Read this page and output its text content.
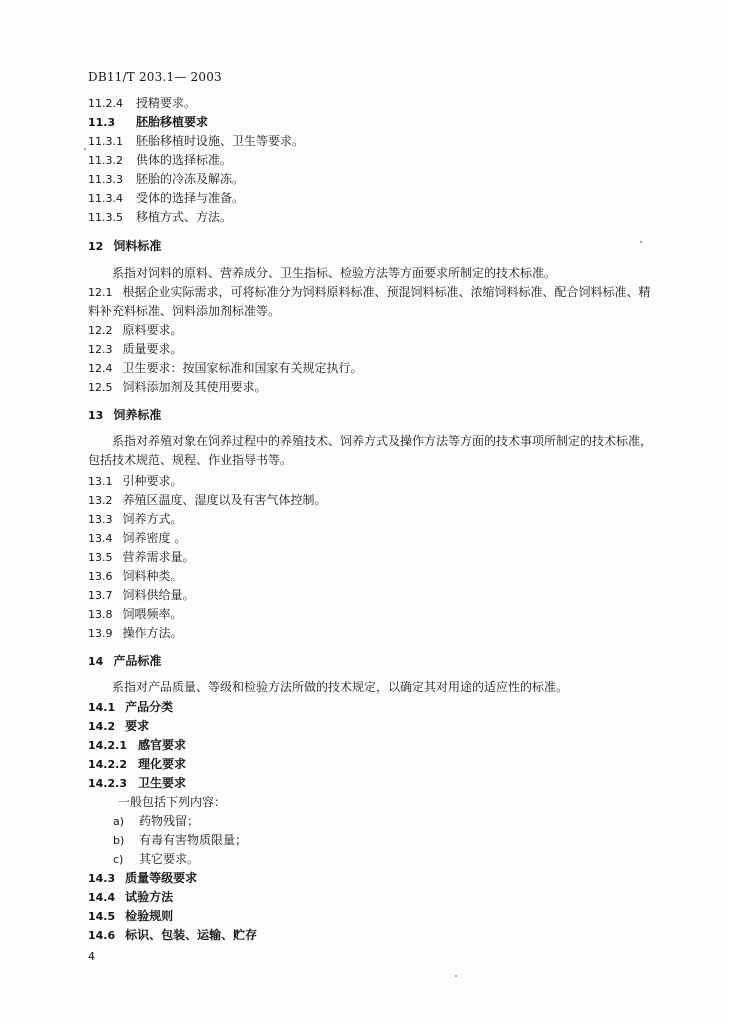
DB11/T 203.1— 2003
11.2.4 授精要求。
11.3 胚胎移植要求
11.3.1 胚胎移植时设施、卫生等要求。
11.3.2 供体的选择标准。
11.3.3 胚胎的冷冻及解冻。
11.3.4 受体的选择与准备。
11.3.5 移植方式、方法。
12 饲料标准
系指对饲料的原料、营养成分、卫生指标、检验方法等方面要求所制定的技术标准。
12.1 根据企业实际需求，可将标准分为饲料原料标准、预混饲料标准、浓缩饲料标准、配合饲料标准、精料补充料标准、饲料添加剂标准等。
12.2 原料要求。
12.3 质量要求。
12.4 卫生要求：按国家标准和国家有关规定执行。
12.5 饲料添加剂及其使用要求。
13 饲养标准
系指对养殖对象在饲养过程中的养殖技术、饲养方式及操作方法等方面的技术事项所制定的技术标准，包括技术规范、规程、作业指导书等。
13.1 引种要求。
13.2 养殖区温度、湿度以及有害气体控制。
13.3 饲养方式。
13.4 饲养密度 。
13.5 营养需求量。
13.6 饲料种类。
13.7 饲料供给量。
13.8 饲喂频率。
13.9 操作方法。
14 产品标准
系指对产品质量、等级和检验方法所做的技术规定，以确定其对用途的适应性的标准。
14.1 产品分类
14.2 要求
14.2.1 感官要求
14.2.2 理化要求
14.2.3 卫生要求
一般包括下列内容：
a) 药物残留；
b) 有毒有害物质限量；
c) 其它要求。
14.3 质量等级要求
14.4 试验方法
14.5 检验规则
14.6 标识、包装、运输、贮存
4
